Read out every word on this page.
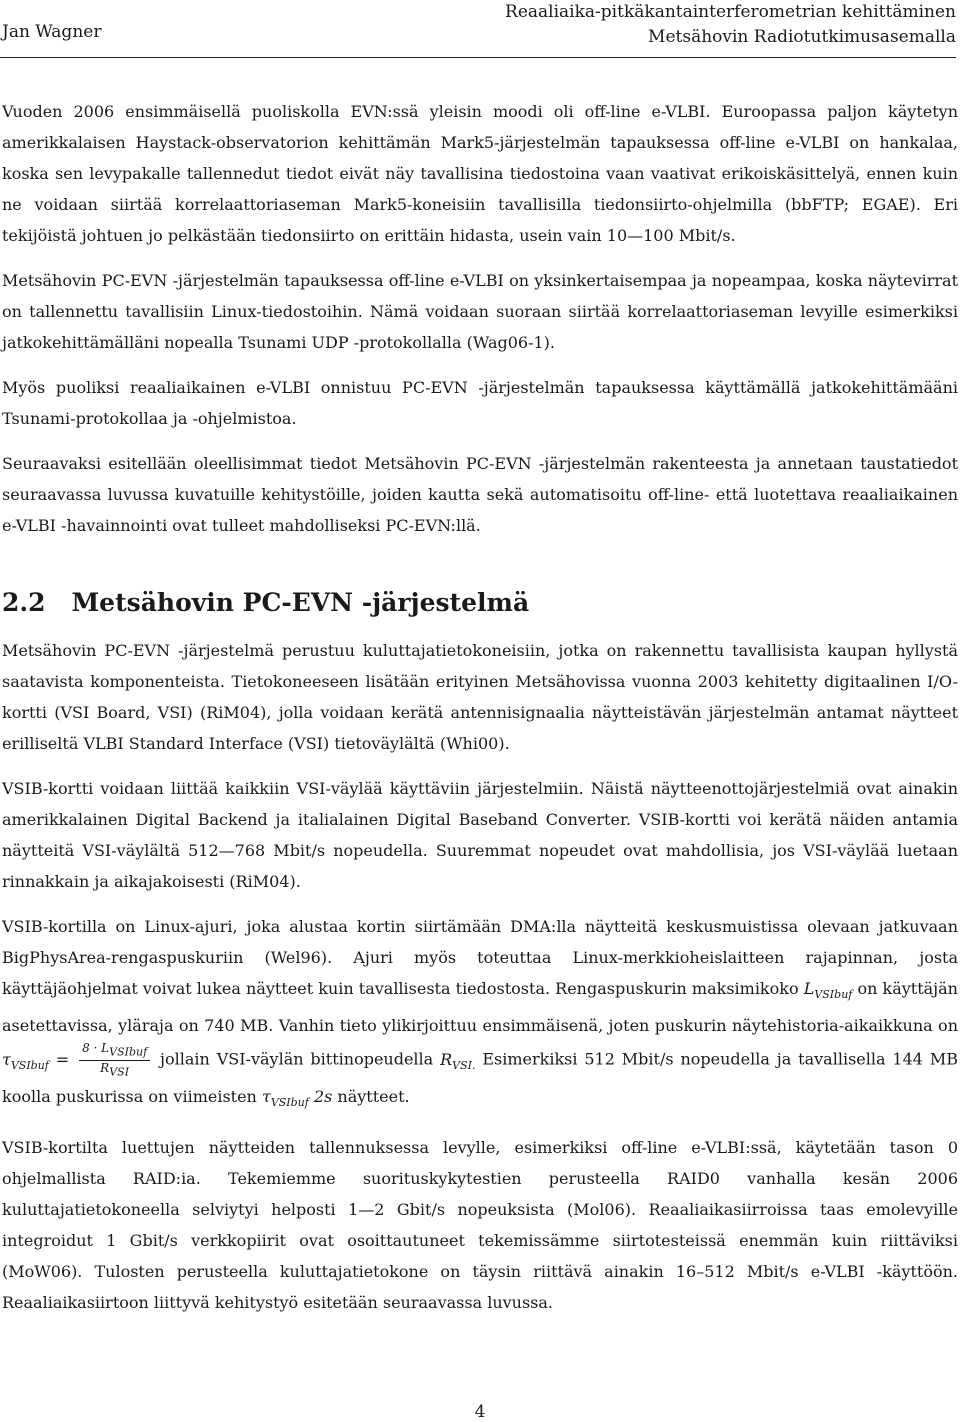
Jan Wagner
Reaaliaika-pitkäkantainterferometrian kehittäminen
Metsähovin Radiotutkimusasemalla

Vuoden 2006 ensimmäisellä puoliskolla EVN:ssä yleisin moodi oli off-line e-VLBI. Euroopassa paljon käytetyn amerikkalaisen Haystack-observatorion kehittämän Mark5-järjestelmän tapauksessa off-line e-VLBI on hankalaa, koska sen levypakalle tallennedut tiedot eivät näy tavallisina tiedostoina vaan vaativat erikoiskäsittelyä, ennen kuin ne voidaan siirtää korrelaattoriaseman Mark5-koneisiin tavallisilla tiedonsiirto-ohjelmilla (bbFTP; EGAE). Eri tekijöistä johtuen jo pelkästään tiedonsiirto on erittäin hidasta, usein vain 10—100 Mbit/s.

Metsähovin PC-EVN -järjestelmän tapauksessa off-line e-VLBI on yksinkertaisempaa ja nopeampaa, koska näytevirrat on tallennettu tavallisiin Linux-tiedostoihin. Nämä voidaan suoraan siirtää korrelaattoriaseman levyille esimerkiksi jatkokehittämälläni nopealla Tsunami UDP -protokollalla (Wag06-1).

Myös puoliksi reaaliaikainen e-VLBI onnistuu PC-EVN -järjestelmän tapauksessa käyttämällä jatkokehittämääni Tsunami-protokollaa ja -ohjelmistoa.

Seuraavaksi esitellään oleellisimmat tiedot Metsähovin PC-EVN -järjestelmän rakenteesta ja annetaan taustatiedot seuraavassa luvussa kuvatuille kehitystöille, joiden kautta sekä automatisoitu off-line- että luotettava reaaliaikainen e-VLBI -havainnointi ovat tulleet mahdolliseksi PC-EVN:llä.

2.2 Metsähovin PC-EVN -järjestelmä

Metsähovin PC-EVN -järjestelmä perustuu kuluttajatietokoneisiin, jotka on rakennettu tavallisista kaupan hyllystä saatavista komponenteista. Tietokoneeseen lisätään erityinen Metsähovissa vuonna 2003 kehitetty digitaalinen I/O-kortti (VSI Board, VSI) (RiM04), jolla voidaan kerätä antennisignaalia näytteistävän järjestelmän antamat näytteet erilliseltä VLBI Standard Interface (VSI) tietoväylältä (Whi00).

VSIB-kortti voidaan liittää kaikkiin VSI-väylää käyttäviin järjestelmiin. Näistä näytteenottojärjestelmiä ovat ainakin amerikkalainen Digital Backend ja italialainen Digital Baseband Converter. VSIB-kortti voi kerätä näiden antamia näytteitä VSI-väylältä 512—768 Mbit/s nopeudella. Suuremmat nopeudet ovat mahdollisia, jos VSI-väylää luetaan rinnakkain ja aikajakoisesti (RiM04).

VSIB-kortilla on Linux-ajuri, joka alustaa kortin siirtämään DMA:lla näytteitä keskusmuistissa olevaan jatkuvaan BigPhysArea-rengaspuskuriin (Wel96). Ajuri myös toteuttaa Linux-merkkioheislaitteen rajapinnan, josta käyttäjäohjelmat voivat lukea näytteet kuin tavallisesta tiedostosta. Rengaspuskurin maksimikoko $L_{VSIbuf}$ on käyttäjän asetettavissa, yläraja on 740 MB. Vanhin tieto ylikirjoittuu ensimmäisenä, joten puskurin näytehistoria-aikaikkuna on $\tau_{VSIbuf} = \frac{8 \cdot L_{VSIbuf}}{R_{VSI}}$ jollain VSI-väylän bittinopeudella $R_{VSI.}$ Esimerkiksi 512 Mbit/s nopeudella ja tavallisella 144 MB koolla puskurissa on viimeisten $\tau_{VSIbuf}$ 2s näytteet.

VSIB-kortilta luettujen näytteiden tallennuksessa levylle, esimerkiksi off-line e-VLBI:ssä, käytetään tason 0 ohjelmallista RAID:ia. Tekemiemme suorituskykytestien perusteella RAID0 vanhalla kesän 2006 kuluttajatietokoneella selviytyi helposti 1—2 Gbit/s nopeuksista (Mol06). Reaaliaikasiirroissa taas emolevyille integroidut 1 Gbit/s verkkopiirit ovat osoittautuneet tekemissämme siirtotesteissä enemmän kuin riittäviksi (MoW06). Tulosten perusteella kuluttajatietokone on täysin riittävä ainakin 16–512 Mbit/s e-VLBI -käyttöön. Reaaliaikasiirtoon liittyvä kehitystyö esitetään seuraavassa luvussa.

4
